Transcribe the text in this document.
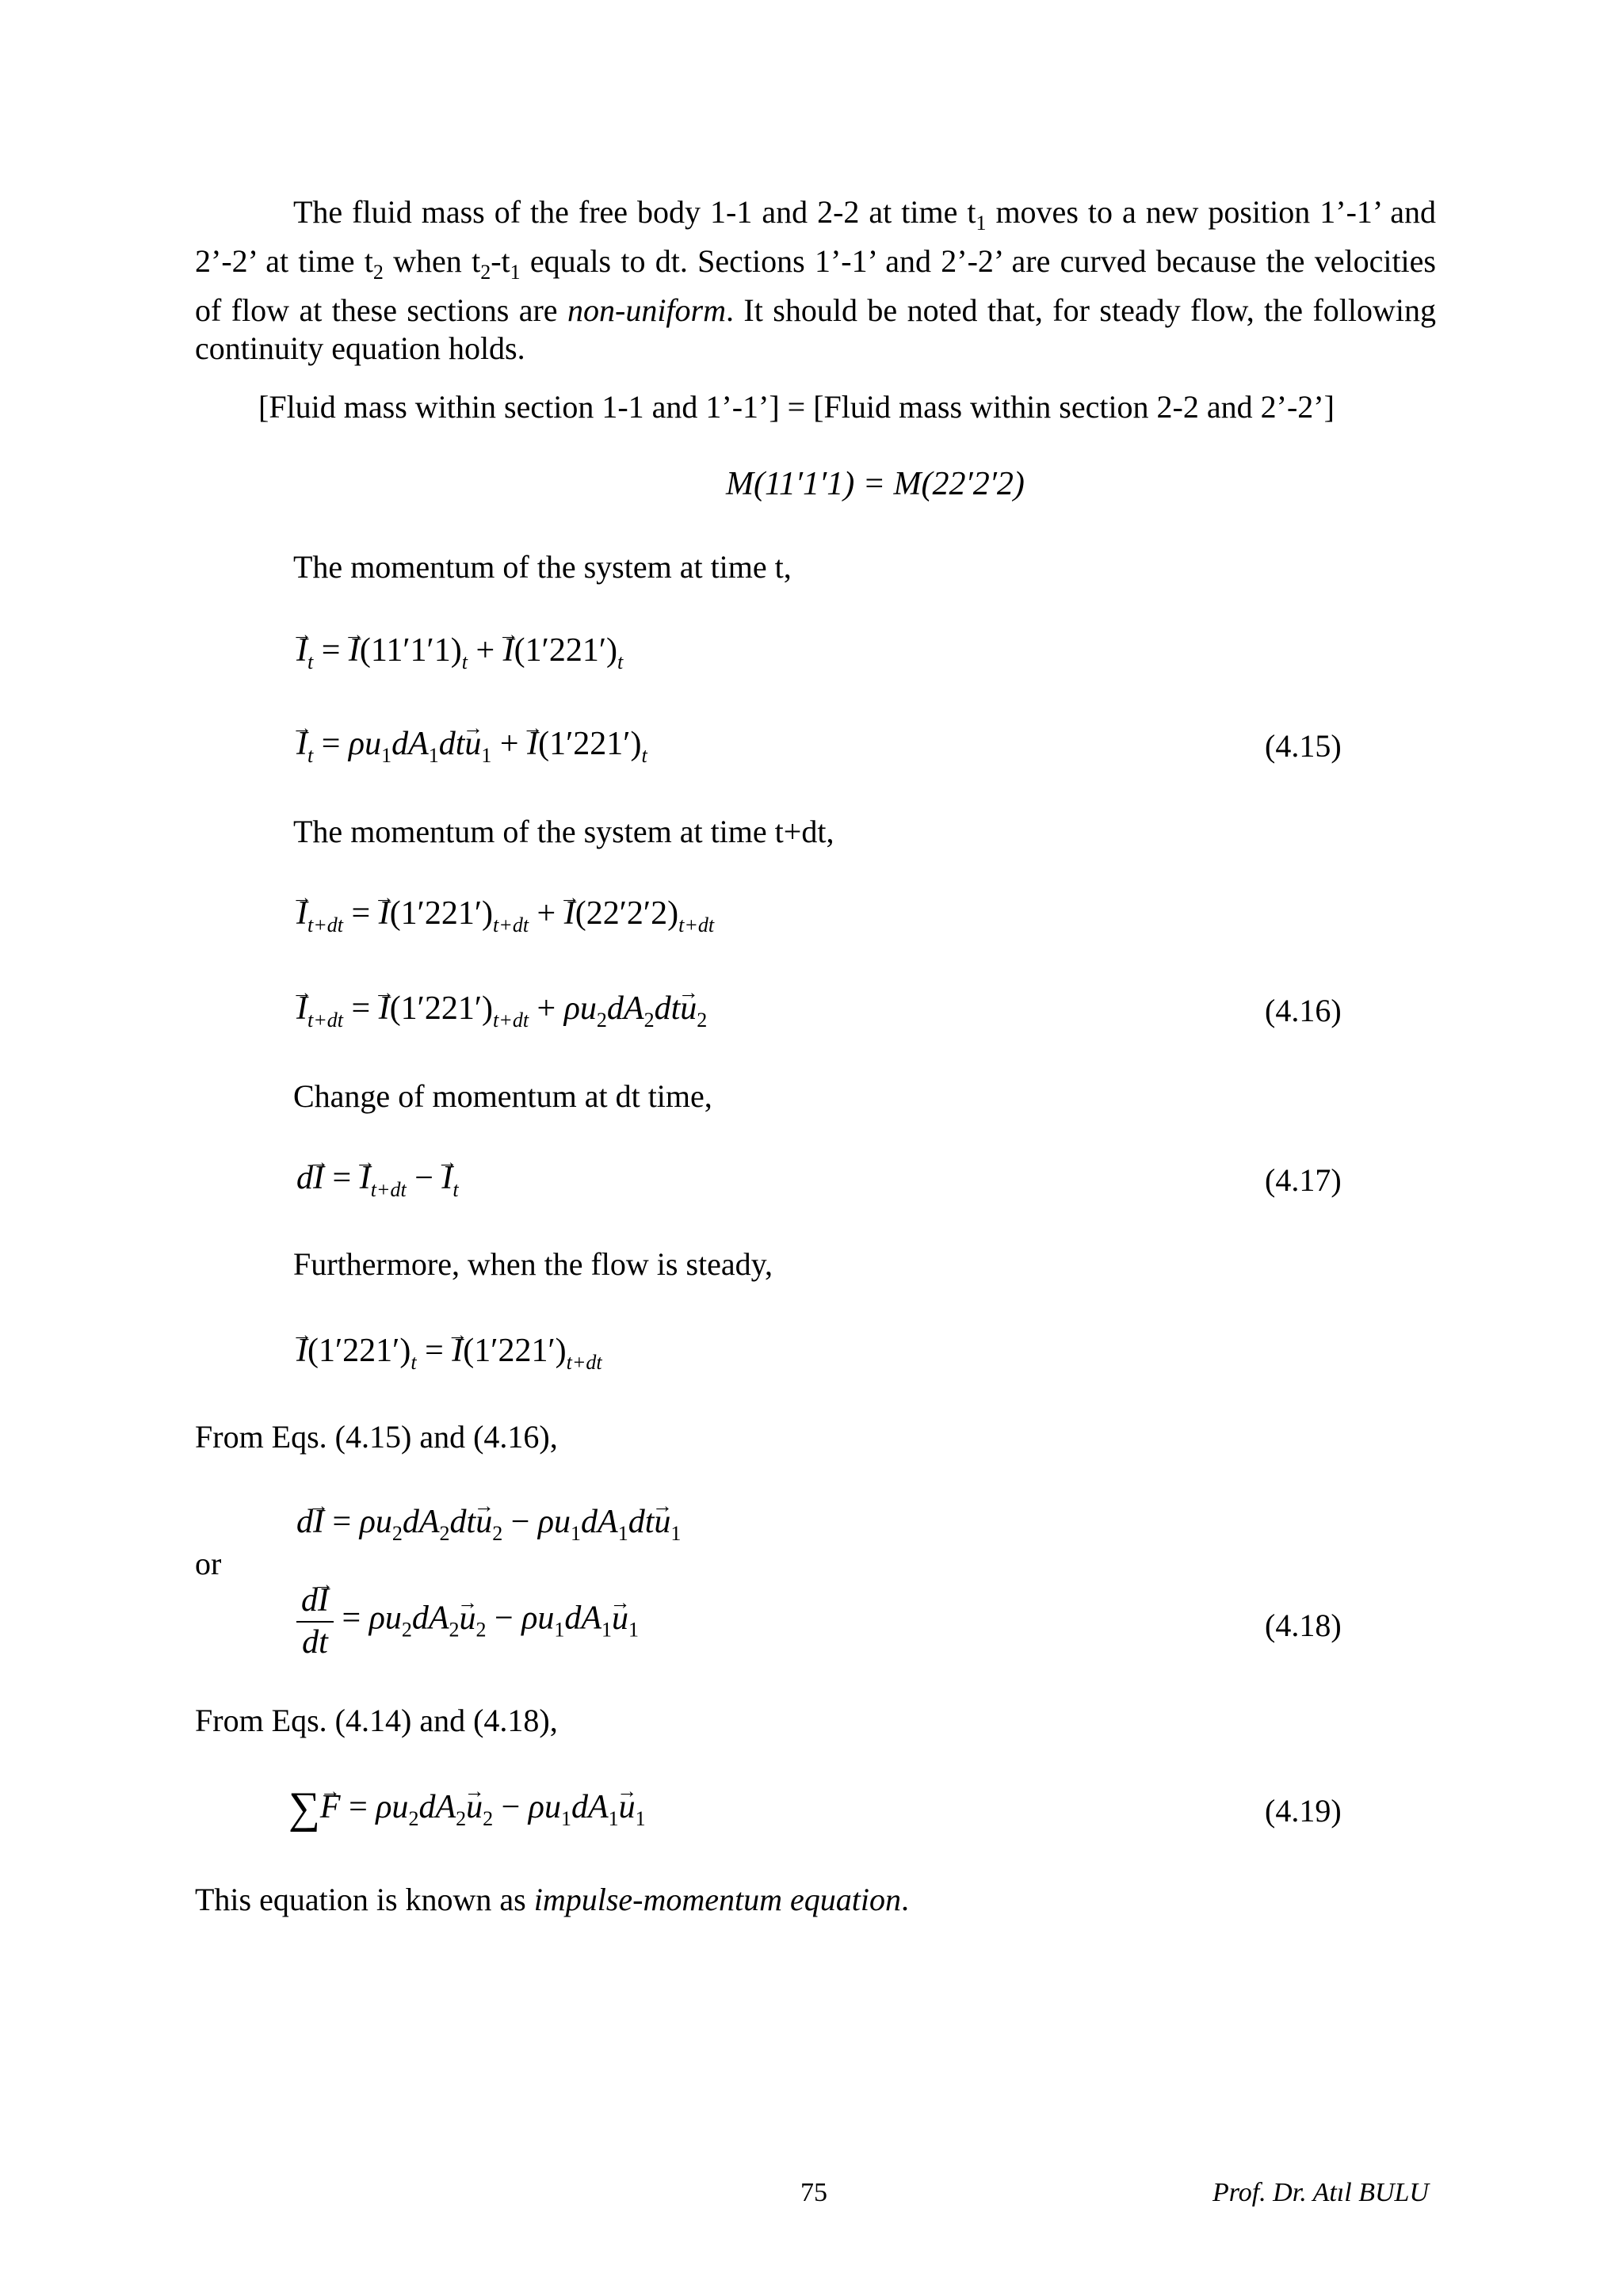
The fluid mass of the free body 1-1 and 2-2 at time $t_1$ moves to a new position 1’-1’ and 2’-2’ at time $t_2$ when $t_2-t_1$ equals to dt. Sections 1’-1’ and 2’-2’ are curved because the velocities of flow at these sections are non-uniform. It should be noted that, for steady flow, the following continuity equation holds.
[Fluid mass within section 1-1 and 1’-1’] = [Fluid mass within section 2-2 and 2’-2’]
M(11′1′1) = M(22′2′2)
The momentum of the system at time t,
→ $I_t$ = → $I(11'1'1)_t$ + → $I(1'221')_t$
→ $I_t = \rho u_1dA_1dt\to u_1$ + → $I(1'221')_t$	(4.15)
The momentum of the system at time t+dt,
→ $I_{t+dt}$ = → $I(1'221')_{t+dt}$ + → $I(22'2'2)_{t+dt}$
→ $I_{t+dt}$ = → $I(1'221')_{t+dt} + \rho u_2dA_2dt\to u_2$	(4.16)
Change of momentum at dt time,
d→ I = → $I_{t+dt}$ − → $I_t$	(4.17)
Furthermore, when the flow is steady,
→ $I(1'221')_t$ = → $I(1'221')_{t+dt}$
From Eqs. (4.15) and (4.16),
$d\to I = \rho u_2dA_2dt\to u_2 - \rho u_1dA_1dt\to u_1$
or
$\frac{d\to I}{dt} = \rho u_2dA_2\to u_2 - \rho u_1dA_1\to u_1$	(4.18)
From Eqs. (4.14) and (4.18),
∑→ $F = \rho u_2dA_2\to u_2 - \rho u_1dA_1\to u_1$	(4.19)
This equation is known as impulse-momentum equation.
75	Prof. Dr. Atıl BULU
